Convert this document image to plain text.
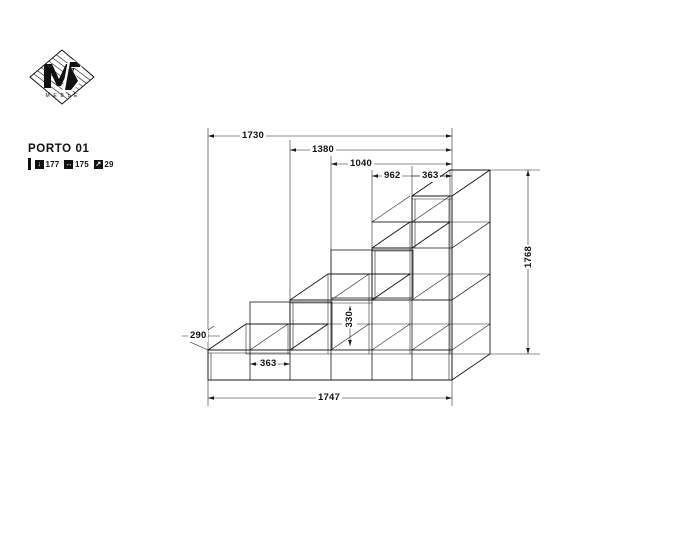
M E B L E
PORTO 01
↓ 177 ↔ 175 ↗ 29
1730
1380
1040
962 363
330
363
290
1768
1747
